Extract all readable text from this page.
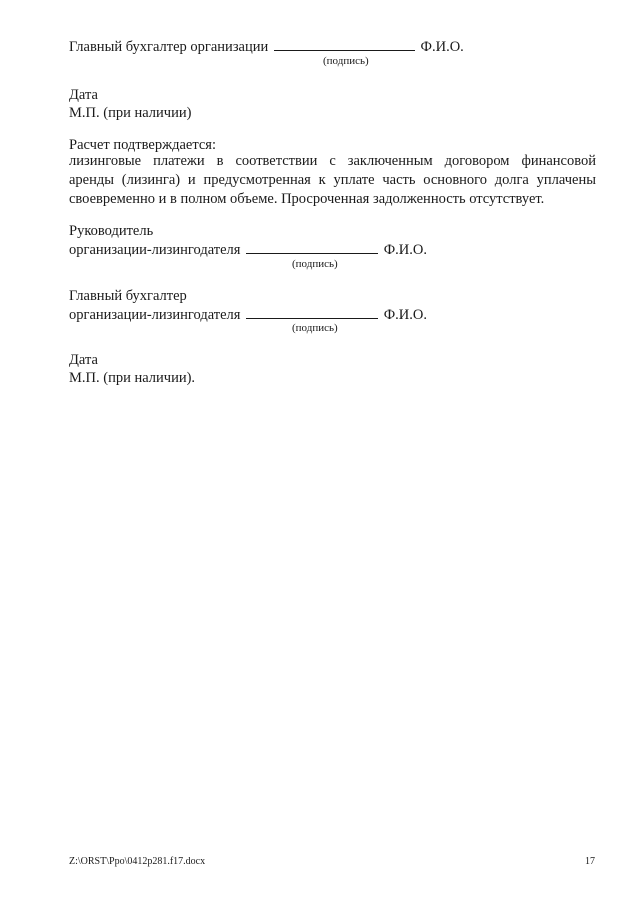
Главный бухгалтер организации	Ф.И.О.
(подпись)
Дата
М.П. (при наличии)
Расчет подтверждается:
лизинговые платежи в соответствии с заключенным договором финансовой
аренды (лизинга) и предусмотренная к уплате часть основного долга уплачены
своевременно и в полном объеме. Просроченная задолженность отсутствует.
Руководитель
организации-лизингодателя	Ф.И.О.
(подпись)
Главный бухгалтер
организации-лизингодателя	Ф.И.О.
(подпись)
Дата
М.П. (при наличии).
Z:\ORST\Ppo\0412p281.f17.docx	17
